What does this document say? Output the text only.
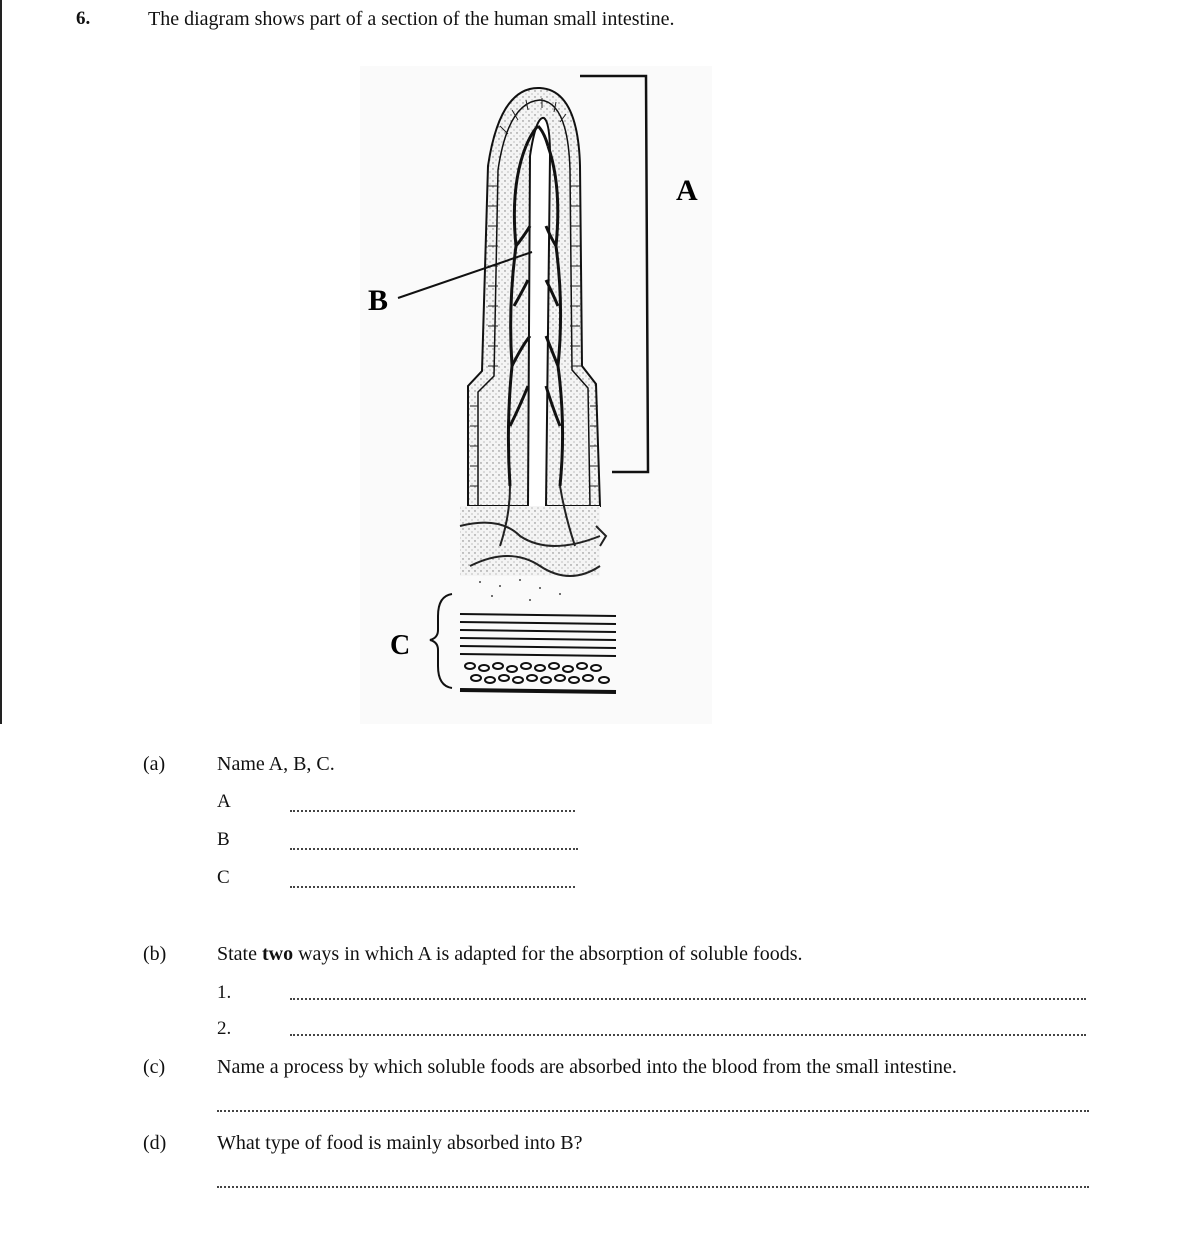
6.	The diagram shows part of a section of the human small intestine.
A
B
C
(a)	Name A, B, C.
A
B
C
(b)	State two ways in which A is adapted for the absorption of soluble foods.
1.
2.
(c)	Name a process by which soluble foods are absorbed into the blood from the small intestine.
(d)	What type of food is mainly absorbed into B?
